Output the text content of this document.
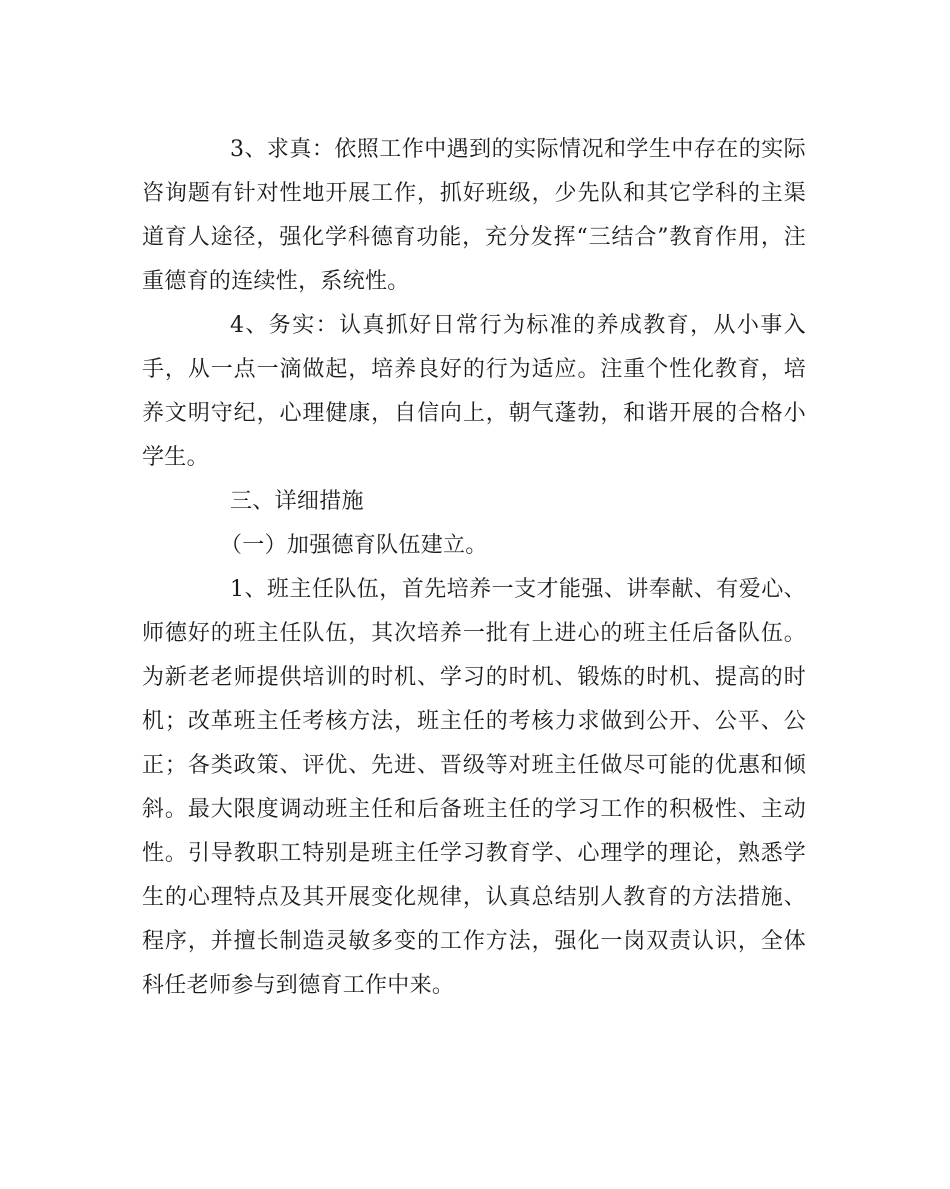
3、求真：依照工作中遇到的实际情况和学生中存在的实际咨询题有针对性地开展工作，抓好班级，少先队和其它学科的主渠道育人途径，强化学科德育功能，充分发挥“三结合”教育作用，注重德育的连续性，系统性。

4、务实：认真抓好日常行为标准的养成教育，从小事入手，从一点一滴做起，培养良好的行为适应。注重个性化教育，培养文明守纪，心理健康，自信向上，朝气蓬勃，和谐开展的合格小学生。

三、详细措施

（一）加强德育队伍建立。

1、班主任队伍，首先培养一支才能强、讲奉献、有爱心、师德好的班主任队伍，其次培养一批有上进心的班主任后备队伍。为新老老师提供培训的时机、学习的时机、锻炼的时机、提高的时机；改革班主任考核方法，班主任的考核力求做到公开、公平、公正；各类政策、评优、先进、晋级等对班主任做尽可能的优惠和倾斜。最大限度调动班主任和后备班主任的学习工作的积极性、主动性。引导教职工特别是班主任学习教育学、心理学的理论，熟悉学生的心理特点及其开展变化规律，认真总结别人教育的方法措施、程序，并擅长制造灵敏多变的工作方法，强化一岗双责认识，全体科任老师参与到德育工作中来。
